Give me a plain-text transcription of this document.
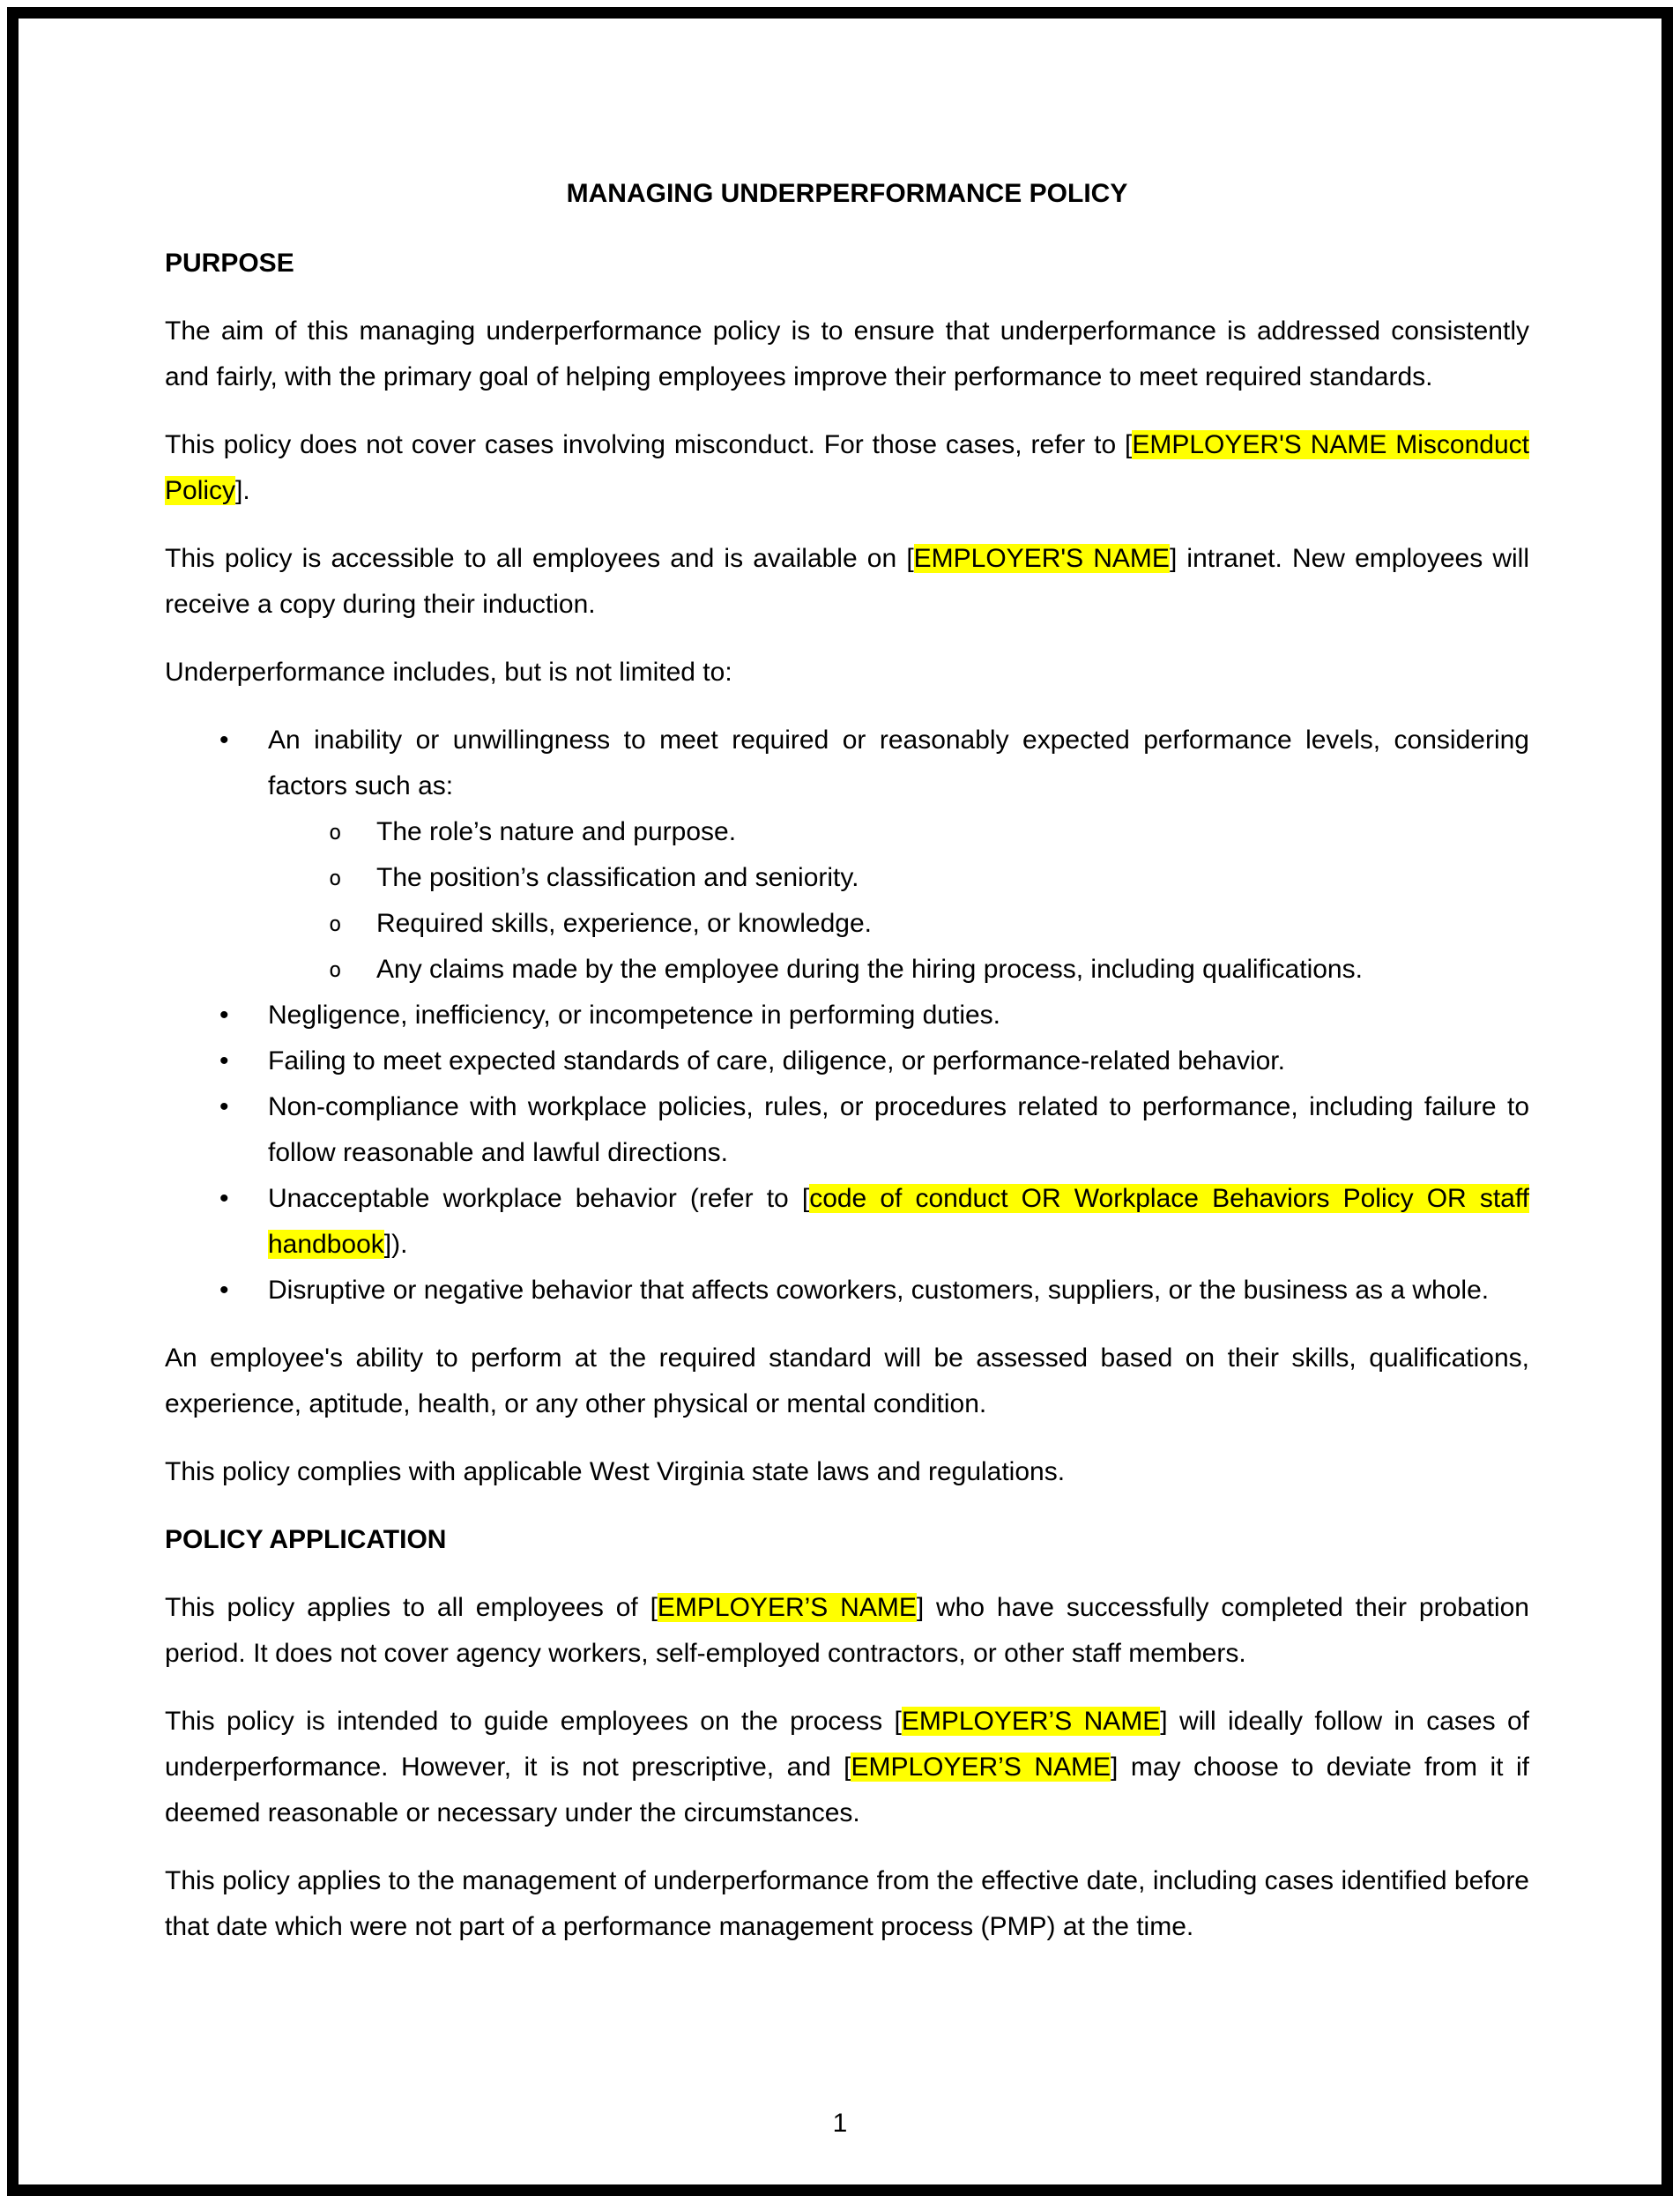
MANAGING UNDERPERFORMANCE POLICY
PURPOSE

The aim of this managing underperformance policy is to ensure that underperformance is addressed consistently and fairly, with the primary goal of helping employees improve their performance to meet required standards.

This policy does not cover cases involving misconduct. For those cases, refer to [EMPLOYER'S NAME Misconduct Policy].

This policy is accessible to all employees and is available on [EMPLOYER'S NAME] intranet. New employees will receive a copy during their induction.

Underperformance includes, but is not limited to:

• An inability or unwillingness to meet required or reasonably expected performance levels, considering factors such as:
o The role’s nature and purpose.
o The position’s classification and seniority.
o Required skills, experience, or knowledge.
o Any claims made by the employee during the hiring process, including qualifications.
• Negligence, inefficiency, or incompetence in performing duties.
• Failing to meet expected standards of care, diligence, or performance-related behavior.
• Non-compliance with workplace policies, rules, or procedures related to performance, including failure to follow reasonable and lawful directions.
• Unacceptable workplace behavior (refer to [code of conduct OR Workplace Behaviors Policy OR staff handbook]).
• Disruptive or negative behavior that affects coworkers, customers, suppliers, or the business as a whole.

An employee's ability to perform at the required standard will be assessed based on their skills, qualifications, experience, aptitude, health, or any other physical or mental condition.

This policy complies with applicable West Virginia state laws and regulations.

POLICY APPLICATION

This policy applies to all employees of [EMPLOYER’S NAME] who have successfully completed their probation period. It does not cover agency workers, self-employed contractors, or other staff members.

This policy is intended to guide employees on the process [EMPLOYER’S NAME] will ideally follow in cases of underperformance. However, it is not prescriptive, and [EMPLOYER’S NAME] may choose to deviate from it if deemed reasonable or necessary under the circumstances.

This policy applies to the management of underperformance from the effective date, including cases identified before that date which were not part of a performance management process (PMP) at the time.

1
